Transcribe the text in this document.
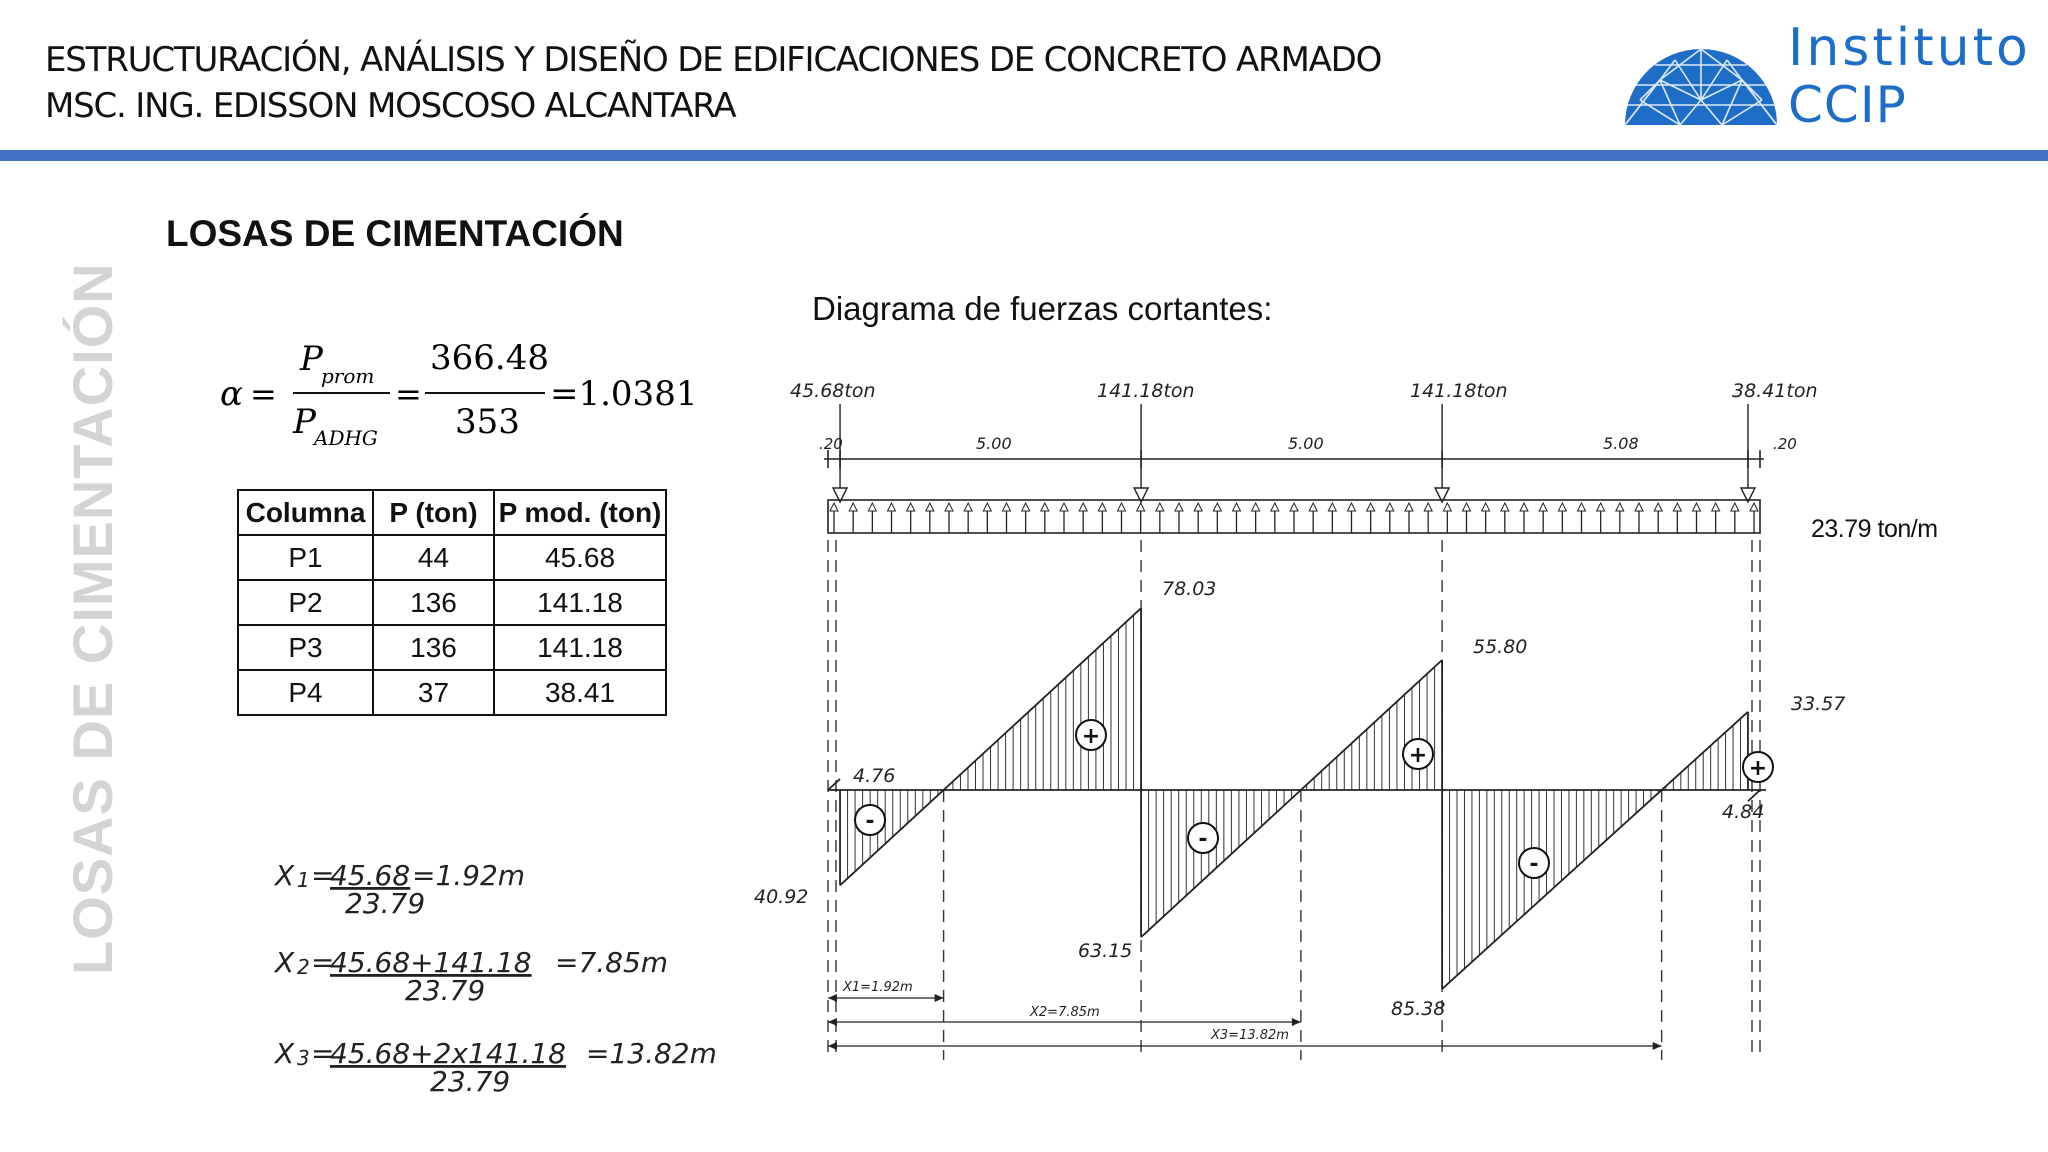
ESTRUCTURACIÓN, ANÁLISIS Y DISEÑO DE EDIFICACIONES DE CONCRETO ARMADO
MSC. ING. EDISSON MOSCOSO ALCANTARA
Instituto
CCIP
LOSAS DE CIMENTACIÓN
LOSAS DE CIMENTACIÓN
α =
P
prom
P
ADHG
=
366.48
353
=1.0381
Columna	P (ton)	P mod. (ton)
P1	44	45.68
P2	136	141.18
P3	136	141.18
P4	37	38.41
X 1 =
45.68 =1.92m
23.79
X 2 =
45.68+141.18 =7.85m
23.79
X 3 =
45.68+2x141.18 =13.82m
23.79
Diagrama de fuerzas cortantes:
45.68ton	141.18ton	141.18ton	38.41ton
.20	5.00	5.00	5.08	.20
78.03
55.80
33.57
4.76
40.92
63.15
85.38
4.84
X1=1.92m
X2=7.85m
X3=13.82m
23.79 ton/m
-
+
-
+
-
+
